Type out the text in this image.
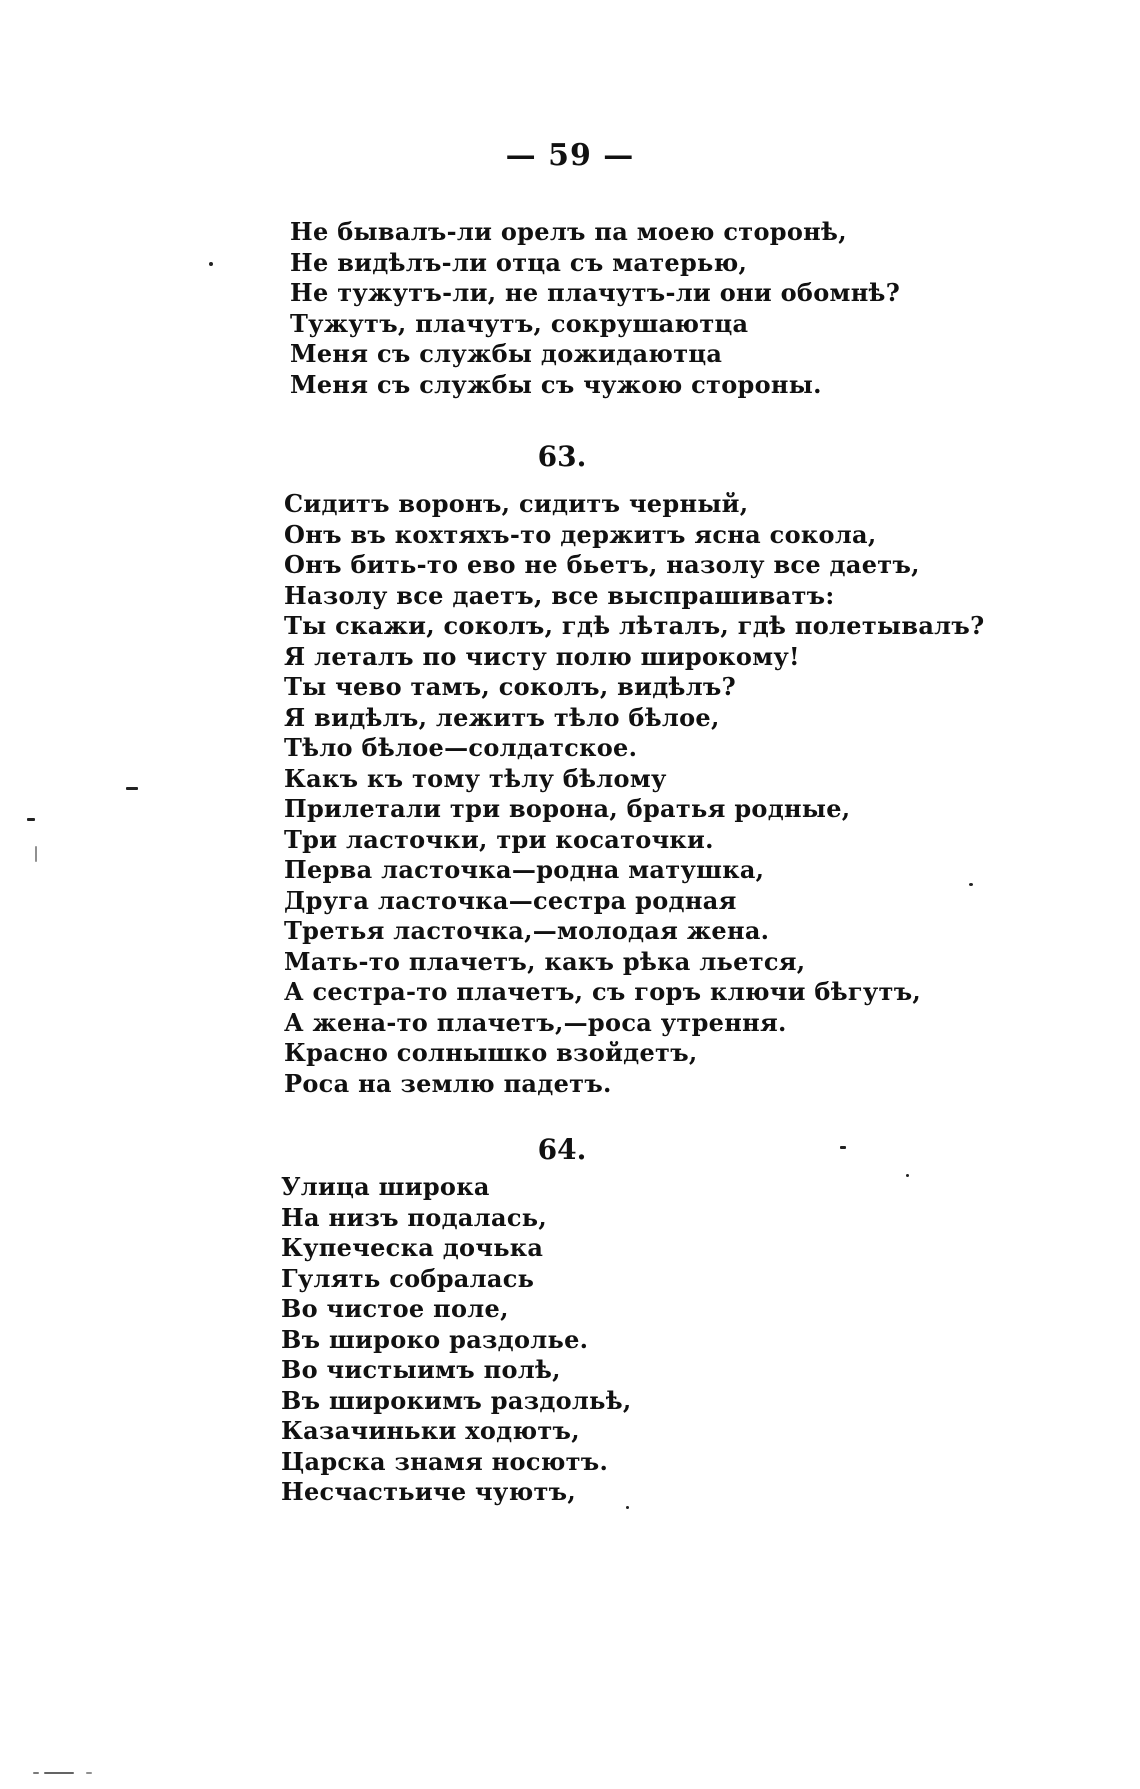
— 59 —
Не бывалъ-ли орелъ па моею сторонѣ,
Не видѣлъ-ли отца съ матерью,
Не тужутъ-ли, не плачутъ-ли они обомнѣ?
Тужутъ, плачутъ, сокрушаютца
Меня съ службы дожидаютца
Меня съ службы съ чужою стороны.
63.
Сидитъ воронъ, сидитъ черный,
Онъ въ кохтяхъ-то держитъ ясна сокола,
Онъ бить-то ево не бьетъ, назолу все даетъ,
Назолу все даетъ, все выспрашиватъ:
Ты скажи, соколъ, гдѣ лѣталъ, гдѣ полетывалъ?
Я леталъ по чисту полю широкому!
Ты чево тамъ, соколъ, видѣлъ?
Я видѣлъ, лежитъ тѣло бѣлое,
Тѣло бѣлое—солдатское.
Какъ къ тому тѣлу бѣлому
Прилетали три ворона, братья родные,
Три ласточки, три косаточки.
Перва ласточка—родна матушка,
Друга ласточка—сестра родная
Третья ласточка,—молодая жена.
Мать-то плачетъ, какъ рѣка льется,
А сестра-то плачетъ, съ горъ ключи бѣгутъ,
А жена-то плачетъ,—роса утрення.
Красно солнышко взойдетъ,
Роса на землю падетъ.
64.
Улица широка
На низъ подалась,
Купеческа дочька
Гулять собралась
Во чистое поле,
Въ широко раздолье.
Во чистыимъ полѣ,
Въ широкимъ раздольѣ,
Казачиньки ходютъ,
Царска знамя носютъ.
Несчастьиче чуютъ,
